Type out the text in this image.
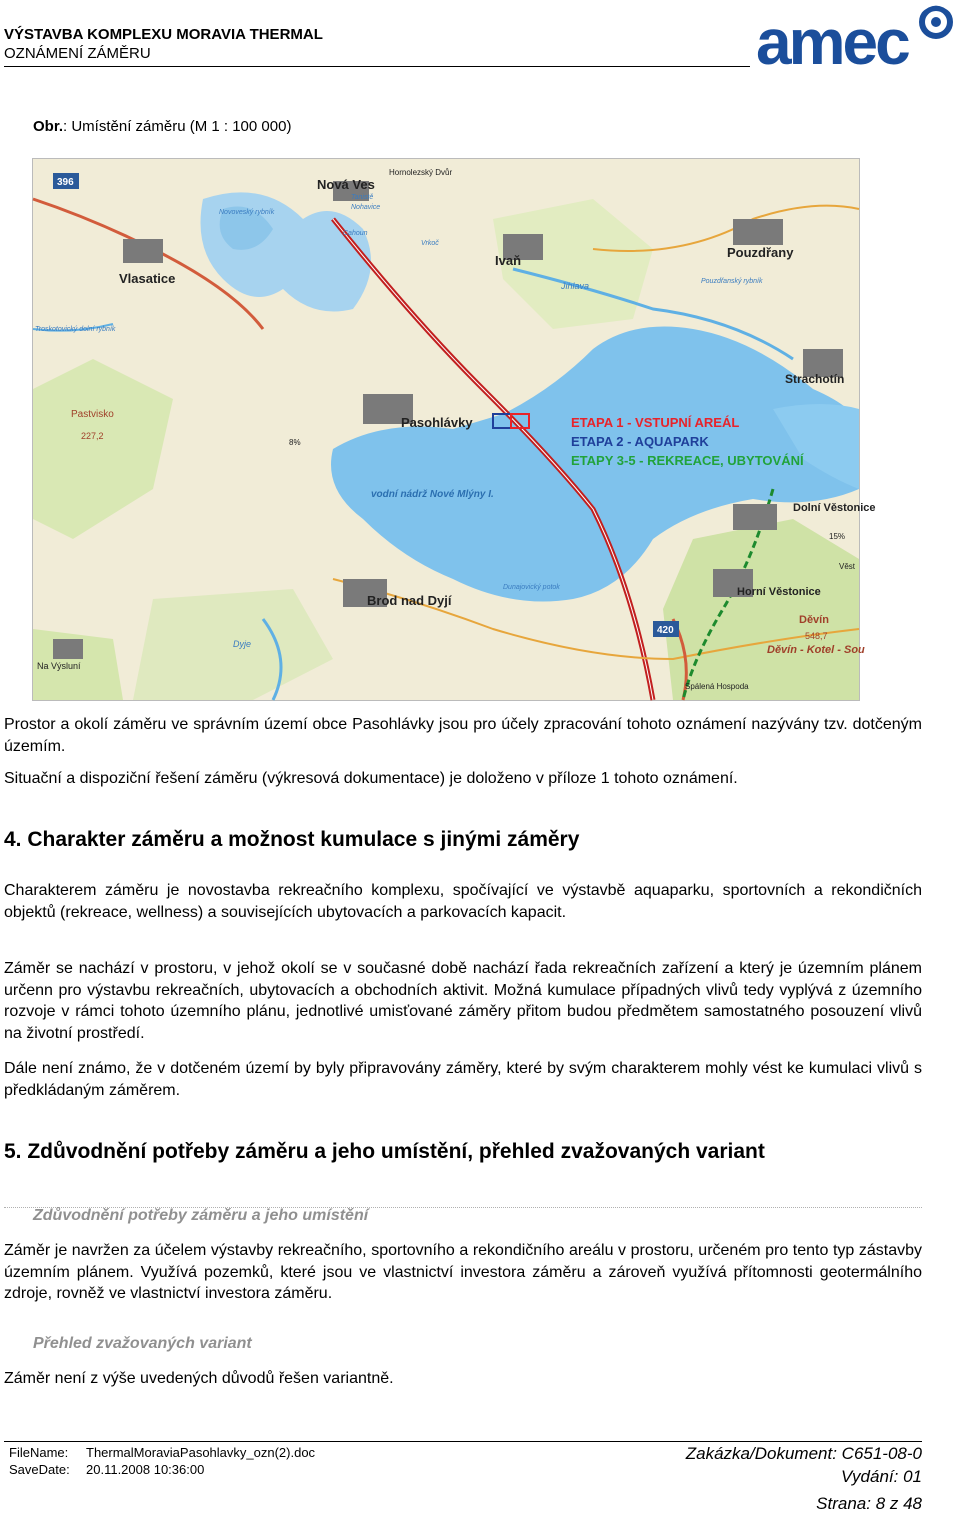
VÝSTAVBA KOMPLEXU MORAVIA THERMAL
OZNÁMENÍ ZÁMĚRU	amec
Obr.: Umístění záměru (M 1 : 100 000)
396
420
Nová Ves
Hornolezský Dvůr
Novoveský rybník
Tanistě
Nohavice
Cahoun
Vrkoč
Vlasatice
Ivaň
Pouzdřany
Pouzdřanský rybník
Troskotovický dolní rybník
Jihlava
Strachotín
Pastvisko
227,2
8%
Pasohlávky
vodní nádrž Nové Mlýny I.
Dolní Věstonice
15%
Brod nad Dyjí
Dyje
Horní Věstonice
Děvín
548,7
Děvín - Kotel - Sou
Na Výsluní
Spálená Hospoda
Věst
Dunajovický potok
ETAPA 1 - VSTUPNÍ AREÁL
ETAPA 2 - AQUAPARK
ETAPY 3-5 - REKREACE, UBYTOVÁNÍ
Prostor a okolí záměru ve správním území obce Pasohlávky jsou pro účely zpracování tohoto oznámení nazývány tzv. dotčeným územím.
Situační a dispoziční řešení záměru (výkresová dokumentace) je doloženo v příloze 1 tohoto oznámení.
4. Charakter záměru a možnost kumulace s jinými záměry
Charakterem záměru je novostavba rekreačního komplexu, spočívající ve výstavbě aquaparku, sportovních a rekondičních objektů (rekreace, wellness) a souvisejících ubytovacích a parkovacích kapacit.
Záměr se nachází v prostoru, v jehož okolí se v současné době nachází řada rekreačních zařízení a který je územním plánem určenn pro výstavbu rekreačních, ubytovacích a obchodních aktivit. Možná kumulace případných vlivů tedy vyplývá z územního rozvoje v rámci tohoto územního plánu, jednotlivé umisťované záměry přitom budou předmětem samostatného posouzení vlivů na životní prostředí.
Dále není známo, že v dotčeném území by byly připravovány záměry, které by svým charakterem mohly vést ke kumulaci vlivů s předkládaným záměrem.
5. Zdůvodnění potřeby záměru a jeho umístění, přehled zvažovaných variant
Zdůvodnění potřeby záměru a jeho umístění
Záměr je navržen za účelem výstavby rekreačního, sportovního a rekondičního areálu v prostoru, určeném pro tento typ zástavby územním plánem. Využívá pozemků, které jsou ve vlastnictví investora záměru a zároveň využívá přítomnosti geotermálního zdroje, rovněž ve vlastnictví investora záměru.
Přehled zvažovaných variant
Záměr není z výše uvedených důvodů řešen variantně.
FileName: ThermalMoraviaPasohlavky_ozn(2).doc
SaveDate: 20.11.2008 10:36:00
Zakázka/Dokument: C651-08-0
Vydání: 01
Strana: 8 z 48
